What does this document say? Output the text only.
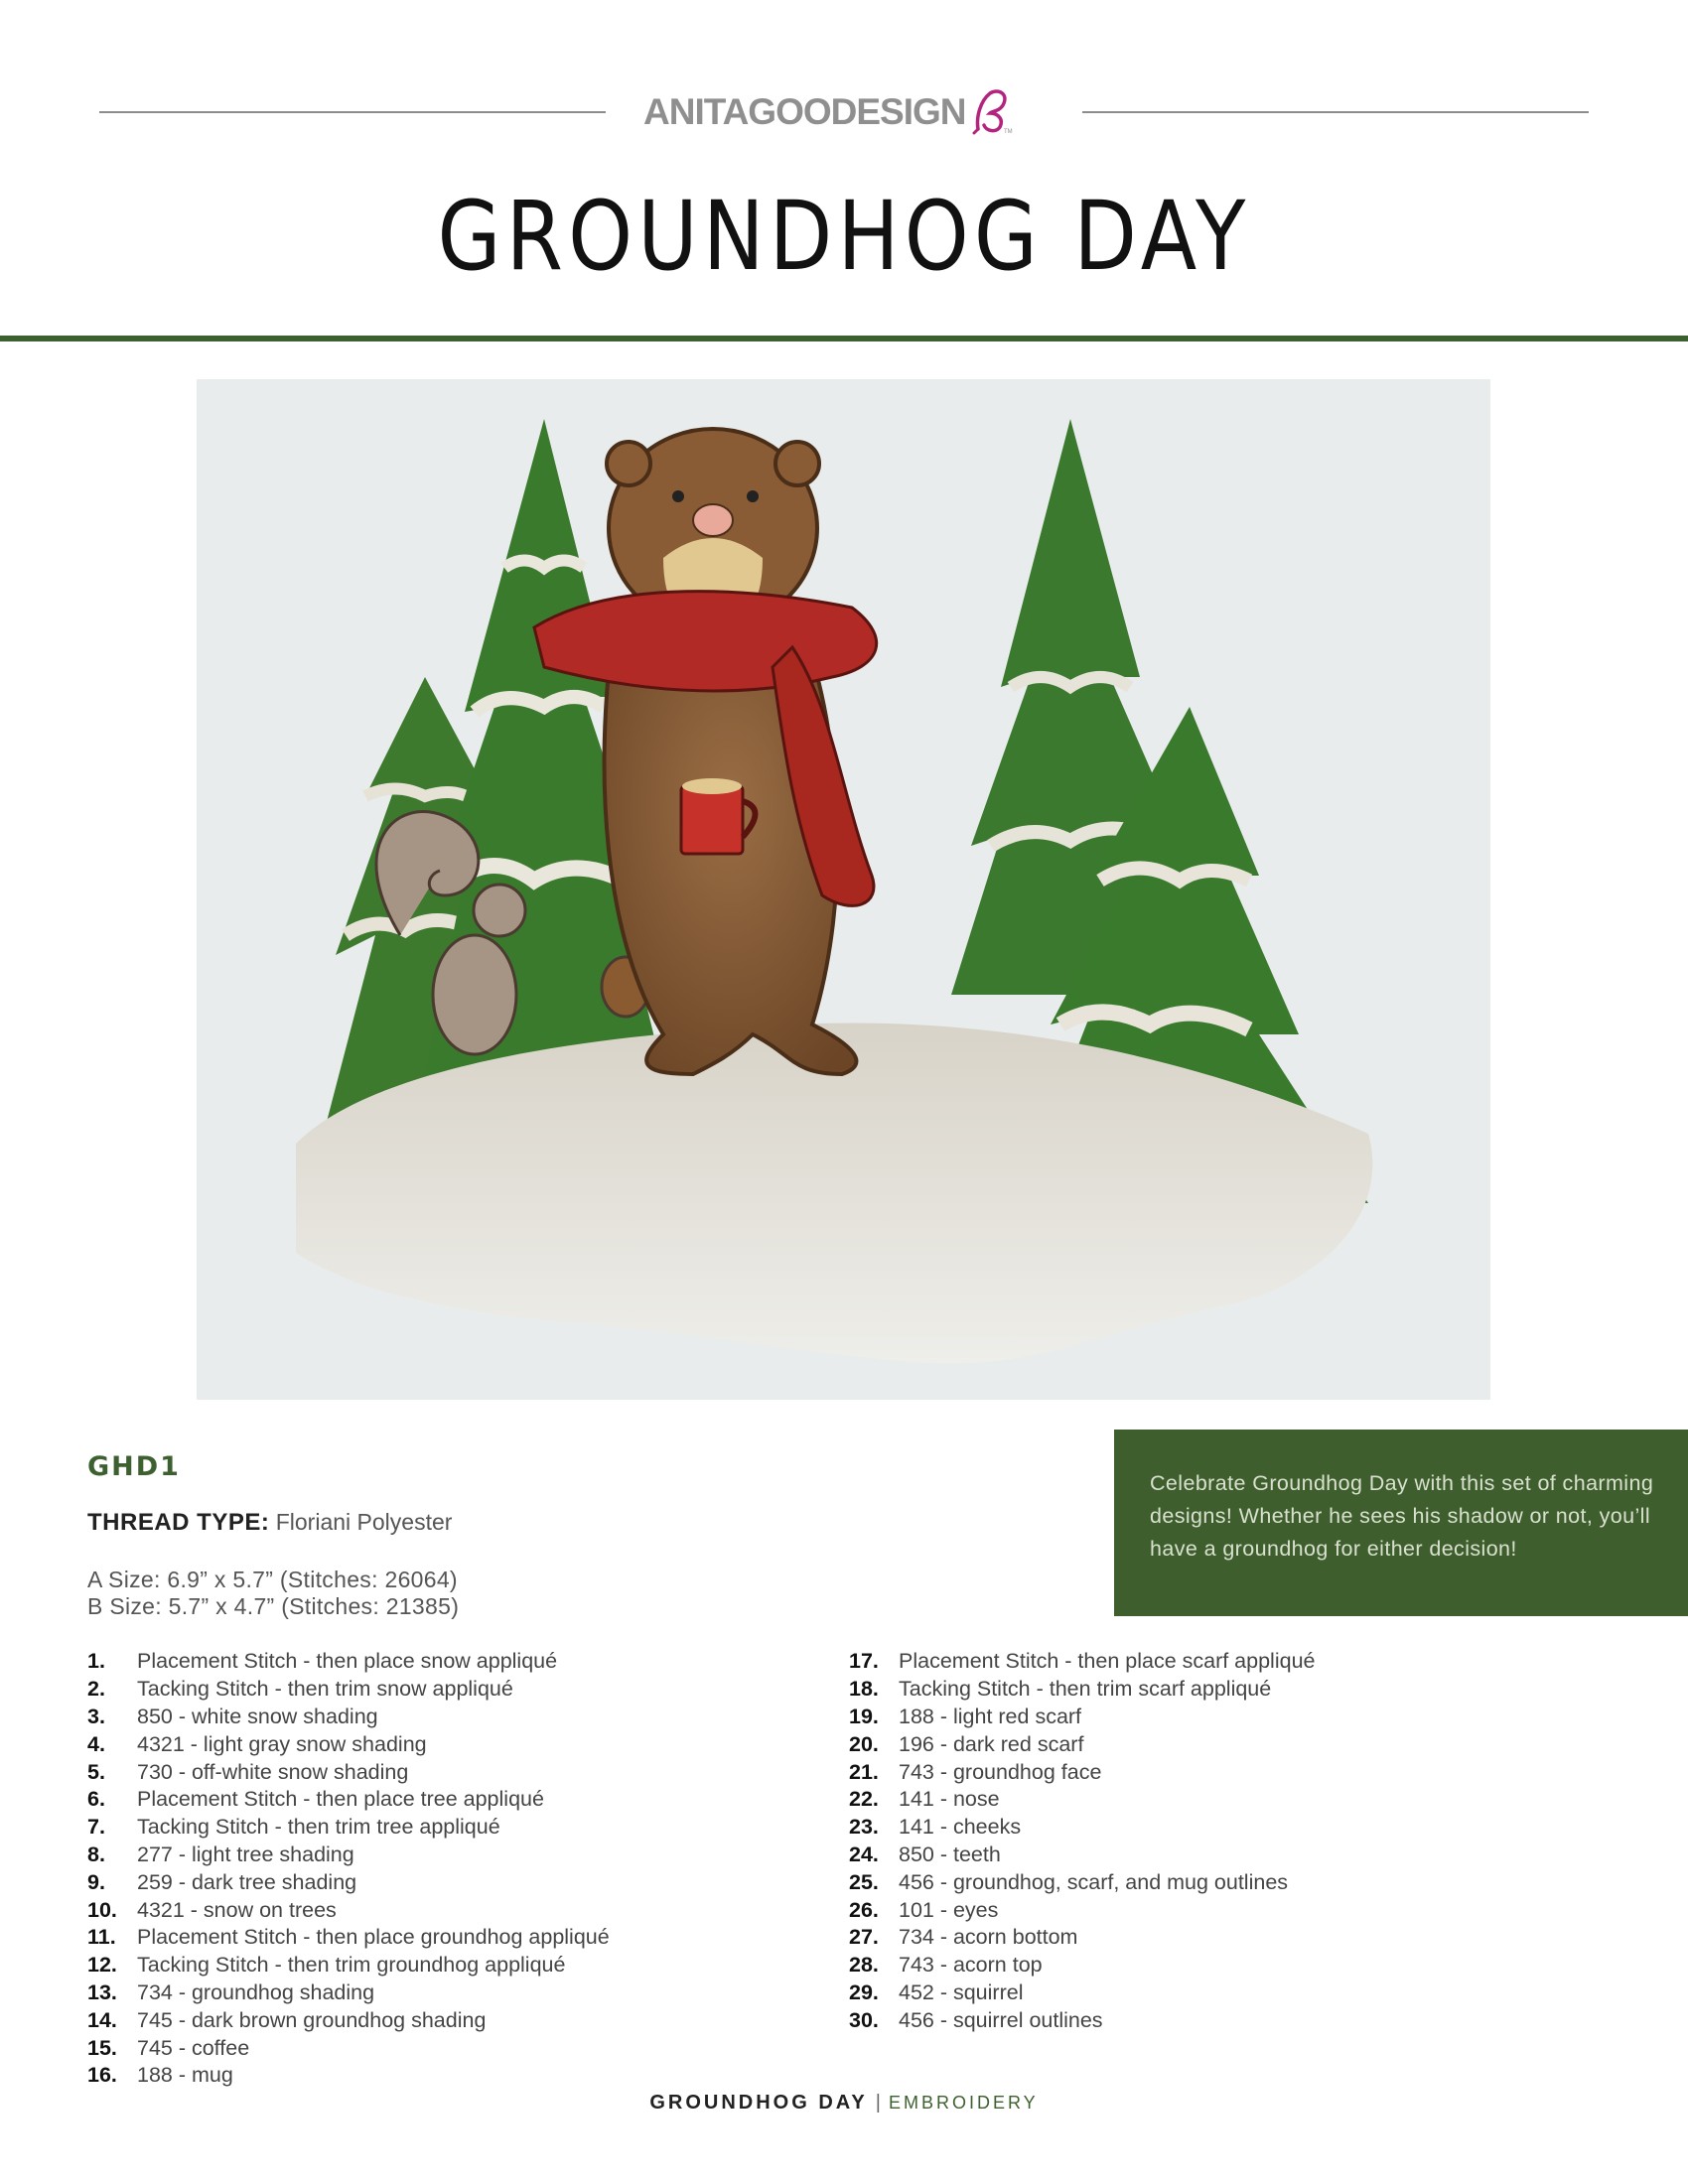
ANITAGOODESIGN	TM
GROUNDHOG DAY
GHD1
THREAD TYPE: Floriani Polyester
A Size: 6.9” x 5.7” (Stitches: 26064)
B Size: 5.7” x 4.7” (Stitches: 21385)
Celebrate Groundhog Day with this set of charming designs! Whether he sees his shadow or not, you’ll have a groundhog for either decision!
1.	Placement Stitch - then place snow appliqué
2.	Tacking Stitch - then trim snow appliqué
3.	850 - white snow shading
4.	4321 - light gray snow shading
5.	730 - off-white snow shading
6.	Placement Stitch - then place tree appliqué
7.	Tacking Stitch - then trim tree appliqué
8.	277 - light tree shading
9.	259 - dark tree shading
10. 4321 - snow on trees
11. Placement Stitch - then place groundhog appliqué
12. Tacking Stitch - then trim groundhog appliqué
13. 734 - groundhog shading
14. 745 - dark brown groundhog shading
15. 745 - coffee
16. 188 - mug
17. Placement Stitch - then place scarf appliqué
18. Tacking Stitch - then trim scarf appliqué
19. 188 - light red scarf
20. 196 - dark red scarf
21. 743 - groundhog face
22. 141 - nose
23. 141 - cheeks
24. 850 - teeth
25. 456 - groundhog, scarf, and mug outlines
26. 101 - eyes
27. 734 - acorn bottom
28. 743 - acorn top
29. 452 - squirrel
30. 456 - squirrel outlines
GROUNDHOG DAY | EMBROIDERY
